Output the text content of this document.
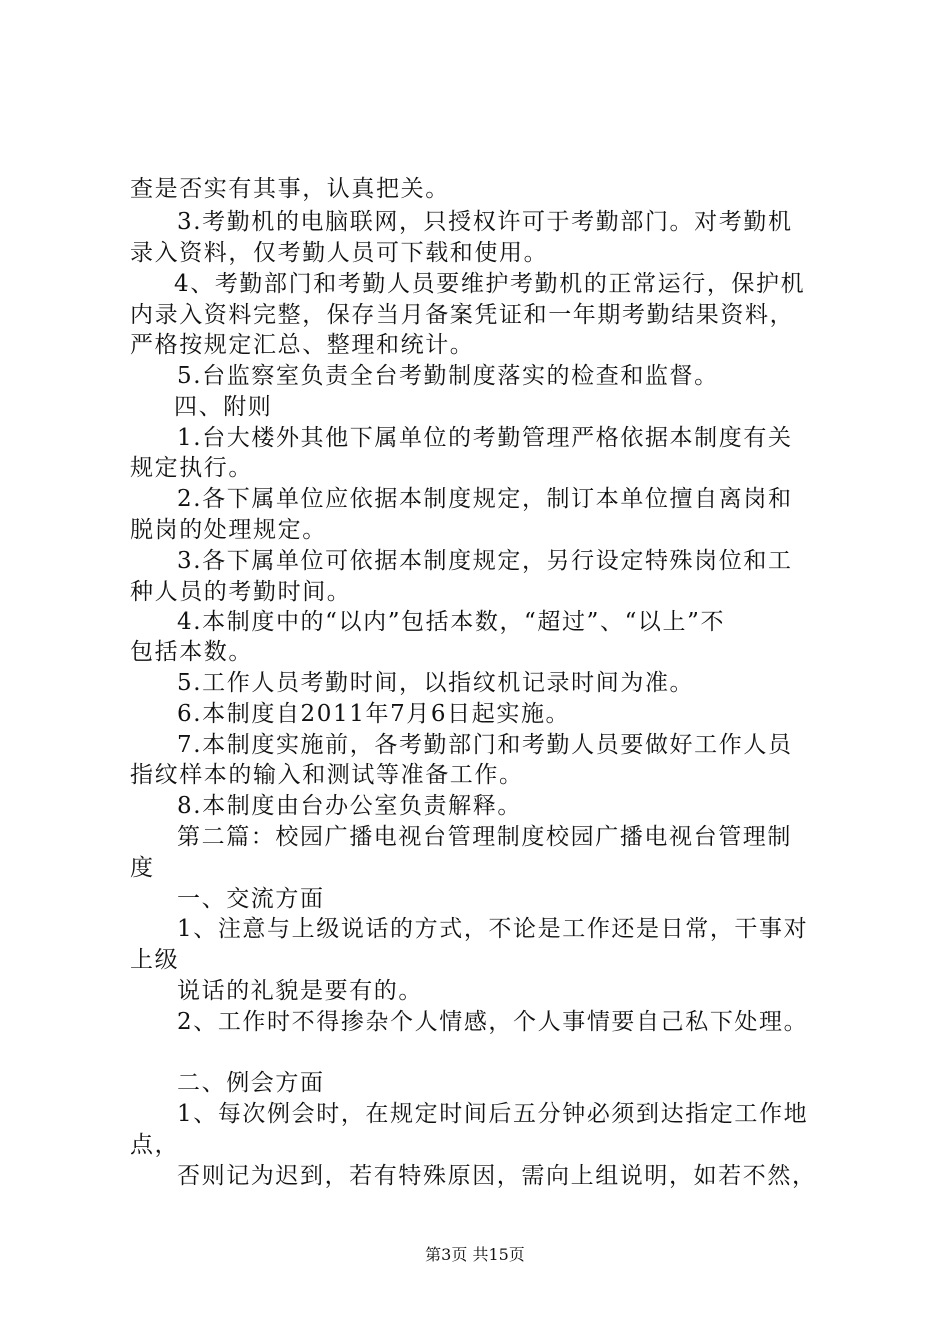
查是否实有其事，认真把关。
3.考勤机的电脑联网，只授权许可于考勤部门。对考勤机
录入资料，仅考勤人员可下载和使用。
4、考勤部门和考勤人员要维护考勤机的正常运行，保护机
内录入资料完整，保存当月备案凭证和一年期考勤结果资料，
严格按规定汇总、整理和统计。
5.台监察室负责全台考勤制度落实的检查和监督。
四、附则
1.台大楼外其他下属单位的考勤管理严格依据本制度有关
规定执行。
2.各下属单位应依据本制度规定，制订本单位擅自离岗和
脱岗的处理规定。
3.各下属单位可依据本制度规定，另行设定特殊岗位和工
种人员的考勤时间。
4.本制度中的“以内”包括本数，“超过”、“以上”不
包括本数。
5.工作人员考勤时间，以指纹机记录时间为准。
6.本制度自2011年7月6日起实施。
7.本制度实施前，各考勤部门和考勤人员要做好工作人员
指纹样本的输入和测试等准备工作。
8.本制度由台办公室负责解释。
第二篇：校园广播电视台管理制度校园广播电视台管理制
度
一、交流方面
1、注意与上级说话的方式，不论是工作还是日常，干事对
上级
说话的礼貌是要有的。
2、工作时不得掺杂个人情感，个人事情要自己私下处理。
二、例会方面
1、每次例会时，在规定时间后五分钟必须到达指定工作地
点，
否则记为迟到，若有特殊原因，需向上组说明，如若不然，
第3页 共15页
